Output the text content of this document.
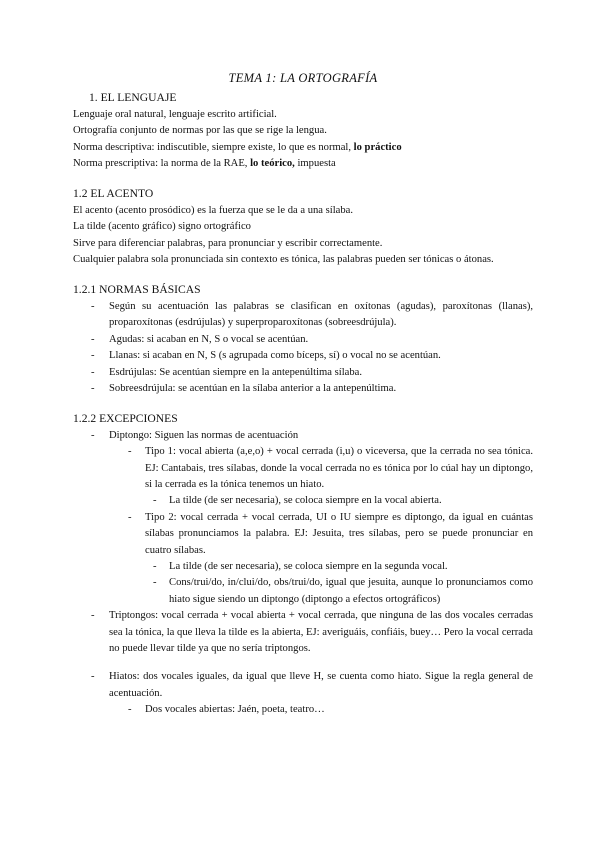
TEMA 1: LA ORTOGRAFÍA

1. EL LENGUAJE

Lenguaje oral natural, lenguaje escrito artificial.

Ortografía conjunto de normas por las que se rige la lengua.

Norma descriptiva: indiscutible, siempre existe, lo que es normal, lo práctico

Norma prescriptiva: la norma de la RAE, lo teórico, impuesta

1.2 EL ACENTO

El acento (acento prosódico) es la fuerza que se le da a una sílaba.

La tilde (acento gráfico) signo ortográfico

Sirve para diferenciar palabras, para pronunciar y escribir correctamente.

Cualquier palabra sola pronunciada sin contexto es tónica, las palabras pueden ser tónicas o átonas.

1.2.1 NORMAS BÁSICAS

- Según su acentuación las palabras se clasifican en oxítonas (agudas), paroxítonas (llanas), proparoxítonas (esdrújulas) y superproparoxítonas (sobreesdrújula).
- Agudas: si acaban en N, S o vocal se acentúan.
- Llanas: si acaban en N, S (s agrupada como bíceps, sí) o vocal no se acentúan.
- Esdrújulas: Se acentúan siempre en la antepenúltima sílaba.
- Sobreesdrújula: se acentúan en la sílaba anterior a la antepenúltima.

1.2.2 EXCEPCIONES

- Diptongo: Siguen las normas de acentuación
- Tipo 1: vocal abierta (a,e,o) + vocal cerrada (i,u) o viceversa, que la cerrada no sea tónica. EJ: Cantabais, tres sílabas, donde la vocal cerrada no es tónica por lo cúal hay un diptongo, si la cerrada es la tónica tenemos un hiato.
- La tilde (de ser necesaria), se coloca siempre en la vocal abierta.
- Tipo 2: vocal cerrada + vocal cerrada, UI o IU siempre es diptongo, da igual en cuántas sílabas pronunciamos la palabra. EJ: Jesuita, tres sílabas, pero se puede pronunciar en cuatro sílabas.
- La tilde (de ser necesaria), se coloca siempre en la segunda vocal.
- Cons/trui/do, in/clui/do, obs/trui/do, igual que jesuita, aunque lo pronunciamos como hiato sigue siendo un diptongo (diptongo a efectos ortográficos)
- Triptongos: vocal cerrada + vocal abierta + vocal cerrada, que ninguna de las dos vocales cerradas sea la tónica, la que lleva la tilde es la abierta, EJ: averiguáis, confiáis, buey… Pero la vocal cerrada no puede llevar tilde ya que no sería triptongos.
- Hiatos: dos vocales iguales, da igual que lleve H, se cuenta como hiato. Sigue la regla general de acentuación.
- Dos vocales abiertas: Jaén, poeta, teatro…
